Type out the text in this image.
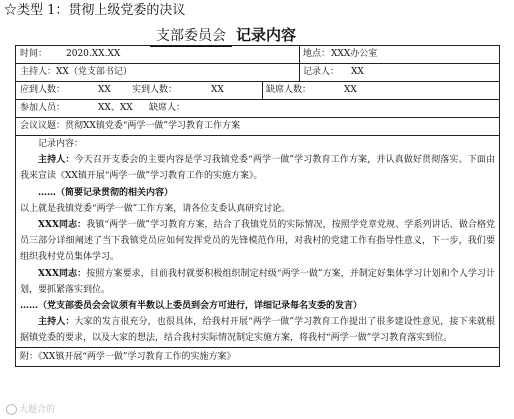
☆类型 1：贯彻上级党委的决议
支部委员会 记录内容
时间： 2020.XX.XX	地点： XXX办公室
主持人：XX（党支部书记）	记录人： XX
应到人数：	XX 实到人数：	XX	缺席人数：	XX
参加人员：	XX、XX 缺席人：
会议议题：贯彻XX镇党委“两学一做”学习教育工作方案

记录内容：

主持人：今天召开支委会的主要内容是学习我镇党委“两学一做”学习教育工作方案，并认真做好贯彻落实。下面由我来宣读《XX镇开展“两学一做”学习教育工作的实施方案》。

……（简要记录贯彻的相关内容）

以上就是我镇党委“两学一做”工作方案，请各位支委认真研究讨论。

XXX同志：我镇“两学一做”学习教育方案，结合了我镇党员的实际情况，按照学党章党规、学系列讲话、做合格党员三部分详细阐述了当下我镇党员应如何发挥党员的先锋模范作用，对我村的党建工作有指导性意义，下一步，我们要组织我村党员集体学习。

XXX同志：按照方案要求，目前我村就要积极组织制定村级“两学一做”方案，并制定好集体学习计划和个人学习计划，要抓紧落实到位。

……（党支部委员会会议须有半数以上委员到会方可进行，详细记录每名支委的发言）

主持人：大家的发言很充分，也很具体，给我村开展“两学一做”学习教育工作提出了很多建设性意见，接下来就根据镇党委的要求，以及大家的想法，结合我村实际情况制定实施方案，将我村“两学一做”学习教育落实到位。

附：《XX镇开展“两学一做”学习教育工作的实施方案》
大题合的
